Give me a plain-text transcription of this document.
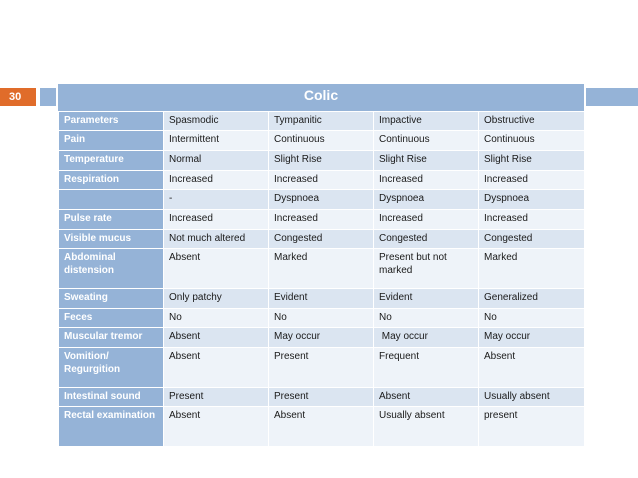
30	Colic
Parameters	Spasmodic	Tympanitic	Impactive	Obstructive
Pain	Intermittent	Continuous	Continuous	Continuous
Temperature	Normal	Slight Rise	Slight Rise	Slight Rise
Respiration	Increased	Increased	Increased	Increased
	-	Dyspnoea	Dyspnoea	Dyspnoea
Pulse rate	Increased	Increased	Increased	Increased
Visible mucus	Not much altered	Congested	Congested	Congested
Abdominal distension	Absent	Marked	Present but not marked	Marked
Sweating	Only patchy	Evident	Evident	Generalized
Feces	No	No	No	No
Muscular tremor	Absent	May occur	May occur	May occur
Vomition/ Regurgition	Absent	Present	Frequent	Absent
Intestinal sound	Present	Present	Absent	Usually absent
Rectal examination	Absent	Absent	Usually absent	present
